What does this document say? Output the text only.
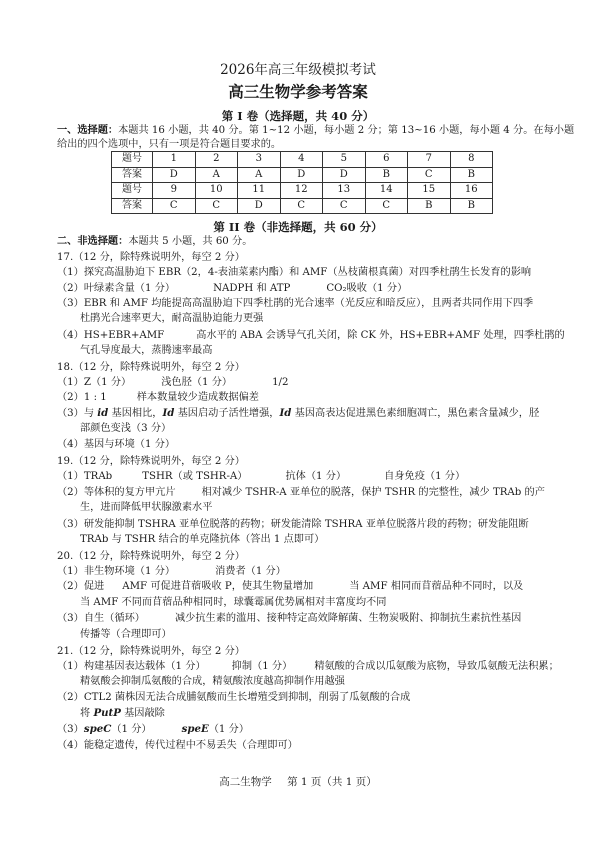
2026年高三年级模拟考试
高三生物学参考答案
第 I 卷（选择题，共 40 分）
一、选择题：本题共 16 小题，共 40 分。第 1~12 小题，每小题 2 分；第 13~16 小题，每小题 4 分。在每小题
给出的四个选项中，只有一项是符合题目要求的。
题号	1	2	3	4	5	6	7	8
答案	D	A	A	D	D	B	C	B
题号	9	10	11	12	13	14	15	16
答案	C	C	D	C	C	C	B	B
第 II 卷（非选择题，共 60 分）
二、非选择题：本题共 5 小题，共 60 分。
17.（12 分，除特殊说明外，每空 2 分）
（1）探究高温胁迫下 EBR（2，4-表油菜素内酯）和 AMF（丛枝菌根真菌）对四季杜鹃生长发育的影响
（2）叶绿素含量（1 分）	NADPH 和 ATP	CO₂吸收（1 分）
（3）EBR 和 AMF 均能提高高温胁迫下四季杜鹃的光合速率（光反应和暗反应），且两者共同作用下四季
杜鹃光合速率更大，耐高温胁迫能力更强
（4）HS+EBR+AMF	高水平的 ABA 会诱导气孔关闭，除 CK 外，HS+EBR+AMF 处理，四季杜鹃的
气孔导度最大，蒸腾速率最高
18.（12 分，除特殊说明外，每空 2 分）
（1）Z（1 分）	浅色胫（1 分）	1/2
（2）1 : 1	样本数量较少造成数据偏差
（3）与 id 基因相比，Id 基因启动子活性增强，Id 基因高表达促进黑色素细胞凋亡，黑色素含量减少，胫
部颜色变浅（3 分）
（4）基因与环境（1 分）
19.（12 分，除特殊说明外，每空 2 分）
（1）TRAb	TSHR（或 TSHR-A）	抗体（1 分）	自身免疫（1 分）
（2）等体积的复方甲亢片	相对减少 TSHR-A 亚单位的脱落，保护 TSHR 的完整性，减少 TRAb 的产
生，进而降低甲状腺激素水平
（3）研发能抑制 TSHRA 亚单位脱落的药物；研发能清除 TSHRA 亚单位脱落片段的药物；研发能阻断
TRAb 与 TSHR 结合的单克隆抗体（答出 1 点即可）
20.（12 分，除特殊说明外，每空 2 分）
（1）非生物环境（1 分）	消费者（1 分）
（2）促进 AMF 可促进苜蓿吸收 P，使其生物量增加	当 AMF 相同而苜蓿品种不同时，以及
当 AMF 不同而苜蓿品种相同时，球囊霉属优势属相对丰富度均不同
（3）自生（循环）	减少抗生素的滥用、接种特定高效降解菌、生物炭吸附、抑制抗生素抗性基因
传播等（合理即可）
21.（12 分，除特殊说明外，每空 2 分）
（1）构建基因表达载体（1 分）	抑制（1 分） 精氨酸的合成以瓜氨酸为底物，导致瓜氨酸无法积累；
精氨酸会抑制瓜氨酸的合成，精氨酸浓度越高抑制作用越强
（2）CTL2 菌株因无法合成脯氨酸而生长增殖受到抑制，削弱了瓜氨酸的合成
将 PutP 基因敲除
（3）speC（1 分）	speE（1 分）
（4）能稳定遗传，传代过程中不易丢失（合理即可）
高二生物学 第 1 页（共 1 页）
